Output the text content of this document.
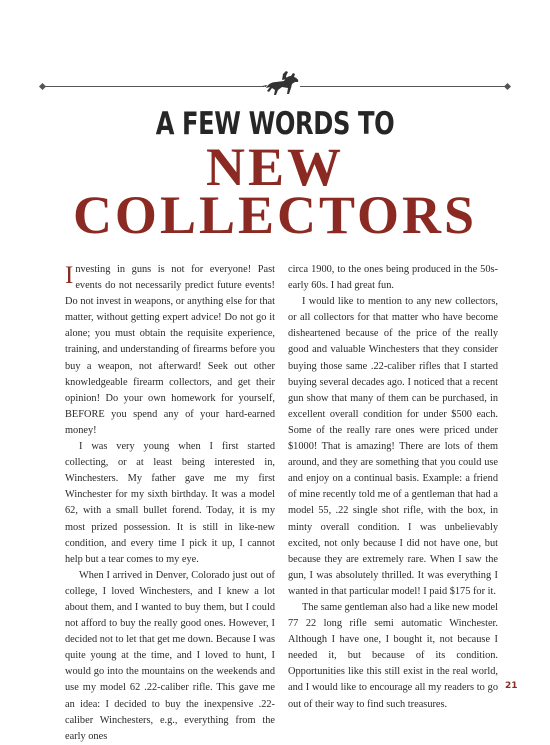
A FEW WORDS TO
NEW
COLLECTORS

Investing in guns is not for everyone! Past events do not necessarily predict future events! Do not invest in weapons, or anything else for that matter, without getting expert advice! Do not go it alone; you must obtain the requisite experience, training, and understanding of firearms before you buy a weapon, not afterward! Seek out other knowledgeable firearm collectors, and get their opinion! Do your own homework for yourself, BEFORE you spend any of your hard-earned money!

I was very young when I first started collecting, or at least being interested in, Winchesters. My father gave me my first Winchester for my sixth birthday. It was a model 62, with a small bullet forend. Today, it is my most prized possession. It is still in like-new condition, and every time I pick it up, I cannot help but a tear comes to my eye.

When I arrived in Denver, Colorado just out of college, I loved Winchesters, and I knew a lot about them, and I wanted to buy them, but I could not afford to buy the really good ones. However, I decided not to let that get me down. Because I was quite young at the time, and I loved to hunt, I would go into the mountains on the weekends and use my model 62 .22-caliber rifle. This gave me an idea: I decided to buy the inexpensive .22-caliber Winchesters, e.g., everything from the early ones

circa 1900, to the ones being produced in the 50s-early 60s. I had great fun.

I would like to mention to any new collectors, or all collectors for that matter who have become disheartened because of the price of the really good and valuable Winchesters that they consider buying those same .22-caliber rifles that I started buying several decades ago. I noticed that a recent gun show that many of them can be purchased, in excellent overall condition for under $500 each. Some of the really rare ones were priced under $1000! That is amazing! There are lots of them around, and they are something that you could use and enjoy on a continual basis. Example: a friend of mine recently told me of a gentleman that had a model 55, .22 single shot rifle, with the box, in minty overall condition. I was unbelievably excited, not only because I did not have one, but because they are extremely rare. When I saw the gun, I was absolutely thrilled. It was everything I wanted in that particular model! I paid $175 for it.

The same gentleman also had a like new model 77 22 long rifle semi automatic Winchester. Although I have one, I bought it, not because I needed it, but because of its condition. Opportunities like this still exist in the real world, and I would like to encourage all my readers to go out of their way to find such treasures.

21
